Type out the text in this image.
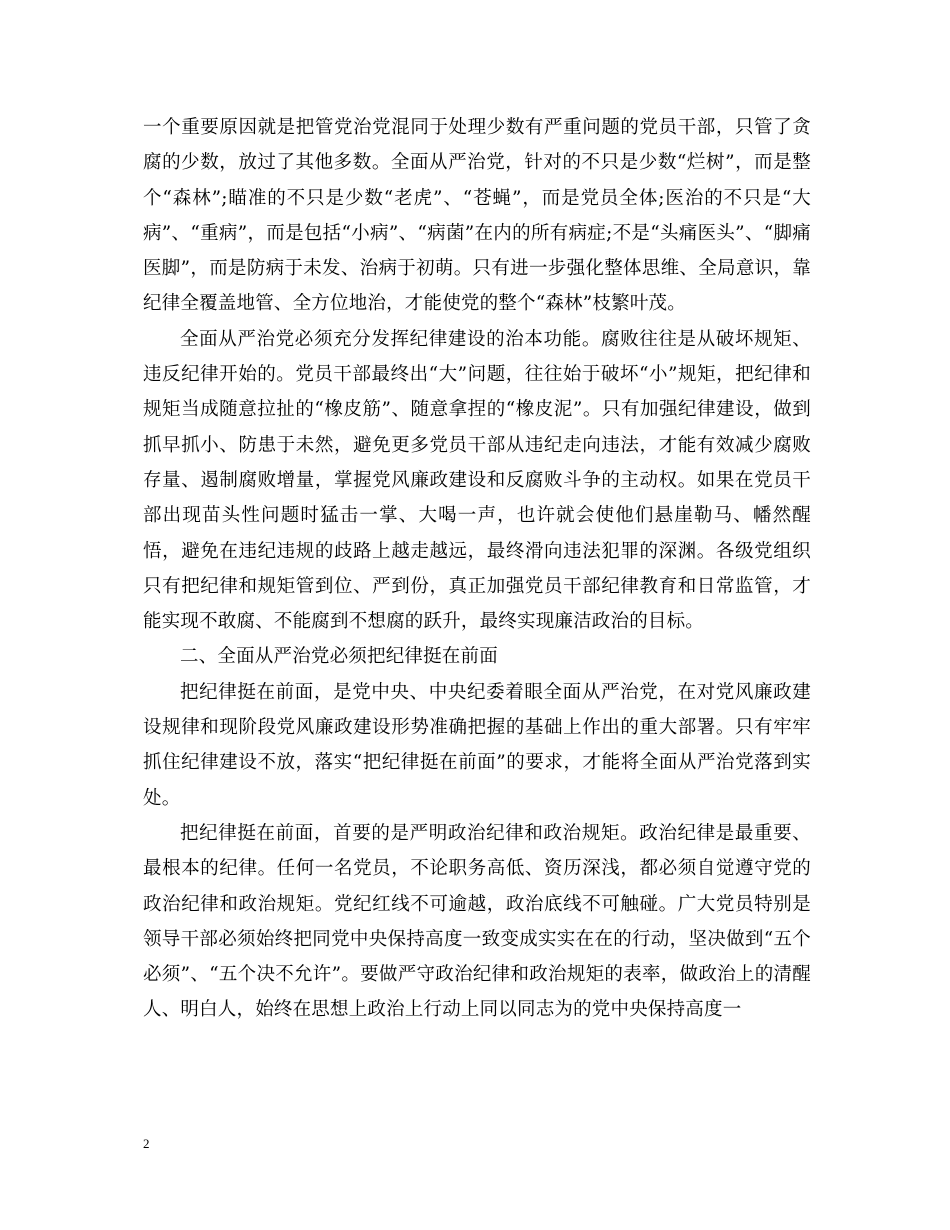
一个重要原因就是把管党治党混同于处理少数有严重问题的党员干部，只管了贪腐的少数，放过了其他多数。全面从严治党，针对的不只是少数“烂树”，而是整个“森林”;瞄准的不只是少数“老虎”、“苍蝇”，而是党员全体;医治的不只是“大病”、“重病”，而是包括“小病”、“病菌”在内的所有病症;不是“头痛医头”、“脚痛医脚”，而是防病于未发、治病于初萌。只有进一步强化整体思维、全局意识，靠纪律全覆盖地管、全方位地治，才能使党的整个“森林”枝繁叶茂。

全面从严治党必须充分发挥纪律建设的治本功能。腐败往往是从破坏规矩、违反纪律开始的。党员干部最终出“大”问题，往往始于破坏“小”规矩，把纪律和规矩当成随意拉扯的“橡皮筋”、随意拿捏的“橡皮泥”。只有加强纪律建设，做到抓早抓小、防患于未然，避免更多党员干部从违纪走向违法，才能有效减少腐败存量、遏制腐败增量，掌握党风廉政建设和反腐败斗争的主动权。如果在党员干部出现苗头性问题时猛击一掌、大喝一声，也许就会使他们悬崖勒马、幡然醒悟，避免在违纪违规的歧路上越走越远，最终滑向违法犯罪的深渊。各级党组织只有把纪律和规矩管到位、严到份，真正加强党员干部纪律教育和日常监管，才能实现不敢腐、不能腐到不想腐的跃升，最终实现廉洁政治的目标。

二、全面从严治党必须把纪律挺在前面

把纪律挺在前面，是党中央、中央纪委着眼全面从严治党，在对党风廉政建设规律和现阶段党风廉政建设形势准确把握的基础上作出的重大部署。只有牢牢抓住纪律建设不放，落实“把纪律挺在前面”的要求，才能将全面从严治党落到实处。

把纪律挺在前面，首要的是严明政治纪律和政治规矩。政治纪律是最重要、最根本的纪律。任何一名党员，不论职务高低、资历深浅，都必须自觉遵守党的政治纪律和政治规矩。党纪红线不可逾越，政治底线不可触碰。广大党员特别是领导干部必须始终把同党中央保持高度一致变成实实在在的行动，坚决做到“五个必须”、“五个决不允许”。要做严守政治纪律和政治规矩的表率，做政治上的清醒人、明白人，始终在思想上政治上行动上同以同志为的党中央保持高度一

2
